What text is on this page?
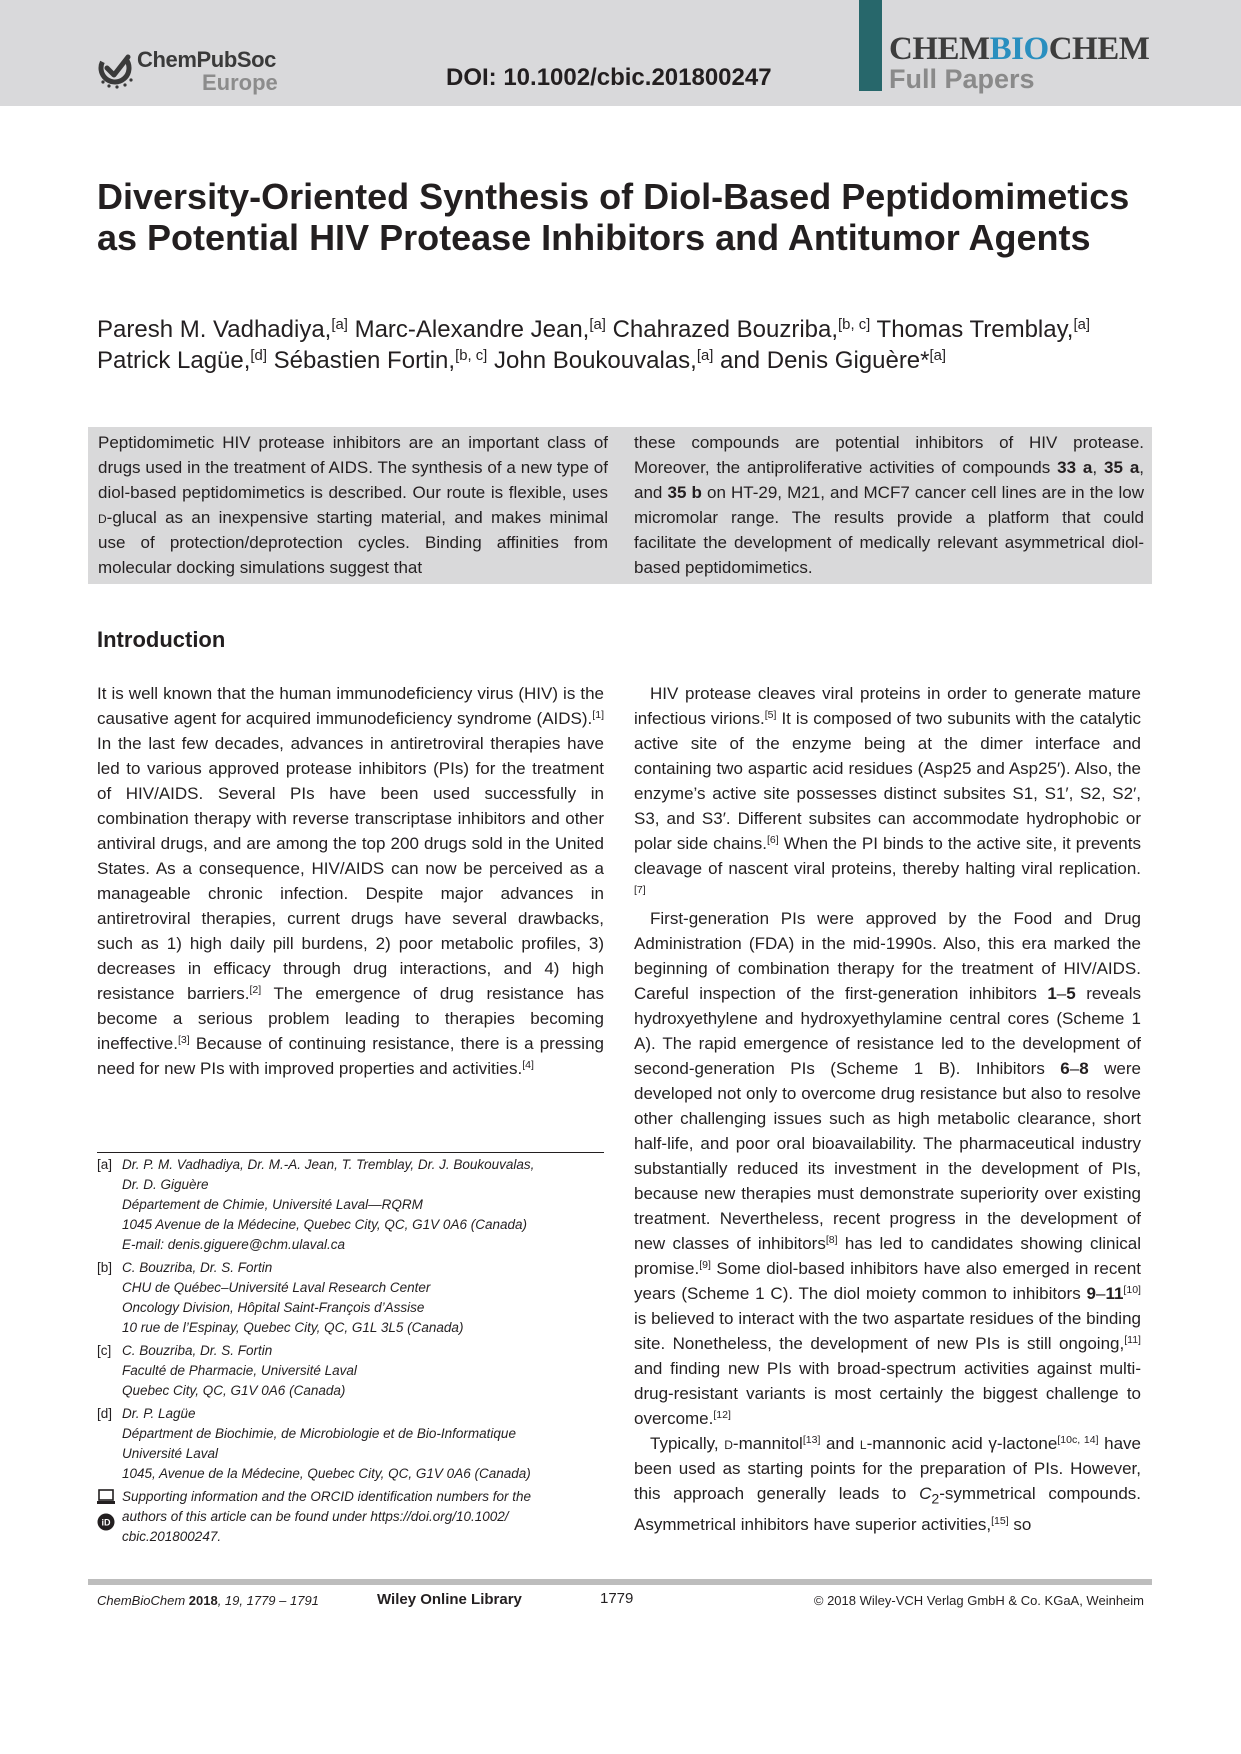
ChemPubSoc
Europe	DOI: 10.1002/cbic.201800247
CHEMBIOCHEM
Full Papers
Diversity-Oriented Synthesis of Diol-Based Peptidomimetics as Potential HIV Protease Inhibitors and Antitumor Agents
Paresh M. Vadhadiya,[a] Marc-Alexandre Jean,[a] Chahrazed Bouzriba,[b, c] Thomas Tremblay,[a]
Patrick Lagüe,[d] Sébastien Fortin,[b, c] John Boukouvalas,[a] and Denis Giguère*[a]
Peptidomimetic HIV protease inhibitors are an important class of drugs used in the treatment of AIDS. The synthesis of a new type of diol-based peptidomimetics is described. Our route is flexible, uses d-glucal as an inexpensive starting material, and makes minimal use of protection/deprotection cycles. Binding affinities from molecular docking simulations suggest that
these compounds are potential inhibitors of HIV protease. Moreover, the antiproliferative activities of compounds 33 a, 35 a, and 35 b on HT-29, M21, and MCF7 cancer cell lines are in the low micromolar range. The results provide a platform that could facilitate the development of medically relevant asymmetrical diol-based peptidomimetics.
Introduction

It is well known that the human immunodeficiency virus (HIV) is the causative agent for acquired immunodeficiency syndrome (AIDS).[1] In the last few decades, advances in antiretroviral therapies have led to various approved protease inhibitors (PIs) for the treatment of HIV/AIDS. Several PIs have been used successfully in combination therapy with reverse transcriptase inhibitors and other antiviral drugs, and are among the top 200 drugs sold in the United States. As a consequence, HIV/AIDS can now be perceived as a manageable chronic infection. Despite major advances in antiretroviral therapies, current drugs have several drawbacks, such as 1) high daily pill burdens, 2) poor metabolic profiles, 3) decreases in efficacy through drug interactions, and 4) high resistance barriers.[2] The emergence of drug resistance has become a serious problem leading to therapies becoming ineffective.[3] Because of continuing resistance, there is a pressing need for new PIs with improved properties and activities.[4]

HIV protease cleaves viral proteins in order to generate mature infectious virions.[5] It is composed of two subunits with the catalytic active site of the enzyme being at the dimer interface and containing two aspartic acid residues (Asp25 and Asp25′). Also, the enzyme’s active site possesses distinct subsites S1, S1′, S2, S2′, S3, and S3′. Different subsites can accommodate hydrophobic or polar side chains.[6] When the PI binds to the active site, it prevents cleavage of nascent viral proteins, thereby halting viral replication.[7]

First-generation PIs were approved by the Food and Drug Administration (FDA) in the mid-1990s. Also, this era marked the beginning of combination therapy for the treatment of HIV/AIDS. Careful inspection of the first-generation inhibitors 1–5 reveals hydroxyethylene and hydroxyethylamine central cores (Scheme 1 A). The rapid emergence of resistance led to the development of second-generation PIs (Scheme 1 B). Inhibitors 6–8 were developed not only to overcome drug resistance but also to resolve other challenging issues such as high metabolic clearance, short half-life, and poor oral bioavailability. The pharmaceutical industry substantially reduced its investment in the development of PIs, because new therapies must demonstrate superiority over existing treatment. Nevertheless, recent progress in the development of new classes of inhibitors[8] has led to candidates showing clinical promise.[9] Some diol-based inhibitors have also emerged in recent years (Scheme 1 C). The diol moiety common to inhibitors 9–11[10] is believed to interact with the two aspartate residues of the binding site. Nonetheless, the development of new PIs is still ongoing,[11] and finding new PIs with broad-spectrum activities against multi-drug-resistant variants is most certainly the biggest challenge to overcome.[12]

Typically, d-mannitol[13] and l-mannonic acid γ-lactone[10c, 14] have been used as starting points for the preparation of PIs. However, this approach generally leads to $C_2$-symmetrical compounds. Asymmetrical inhibitors have superior activities,[15] so

[a] Dr. P. M. Vadhadiya, Dr. M.-A. Jean, T. Tremblay, Dr. J. Boukouvalas,
Dr. D. Giguère
Département de Chimie, Université Laval—RQRM
1045 Avenue de la Médecine, Quebec City, QC, G1V 0A6 (Canada)
E-mail: denis.giguere@chm.ulaval.ca
[b] C. Bouzriba, Dr. S. Fortin
CHU de Québec–Université Laval Research Center
Oncology Division, Hôpital Saint-François d’Assise
10 rue de l’Espinay, Quebec City, QC, G1L 3L5 (Canada)
[c] C. Bouzriba, Dr. S. Fortin
Faculté de Pharmacie, Université Laval
Quebec City, QC, G1V 0A6 (Canada)
[d] Dr. P. Lagüe
Départment de Biochimie, de Microbiologie et de Bio-Informatique
Université Laval
1045, Avenue de la Médecine, Quebec City, QC, G1V 0A6 (Canada)
iD
Supporting information and the ORCID identification numbers for the
authors of this article can be found under https://doi.org/10.1002/
cbic.201800247.
ChemBioChem 2018, 19, 1779 – 1791	Wiley Online Library	1779	© 2018 Wiley-VCH Verlag GmbH & Co. KGaA, Weinheim
